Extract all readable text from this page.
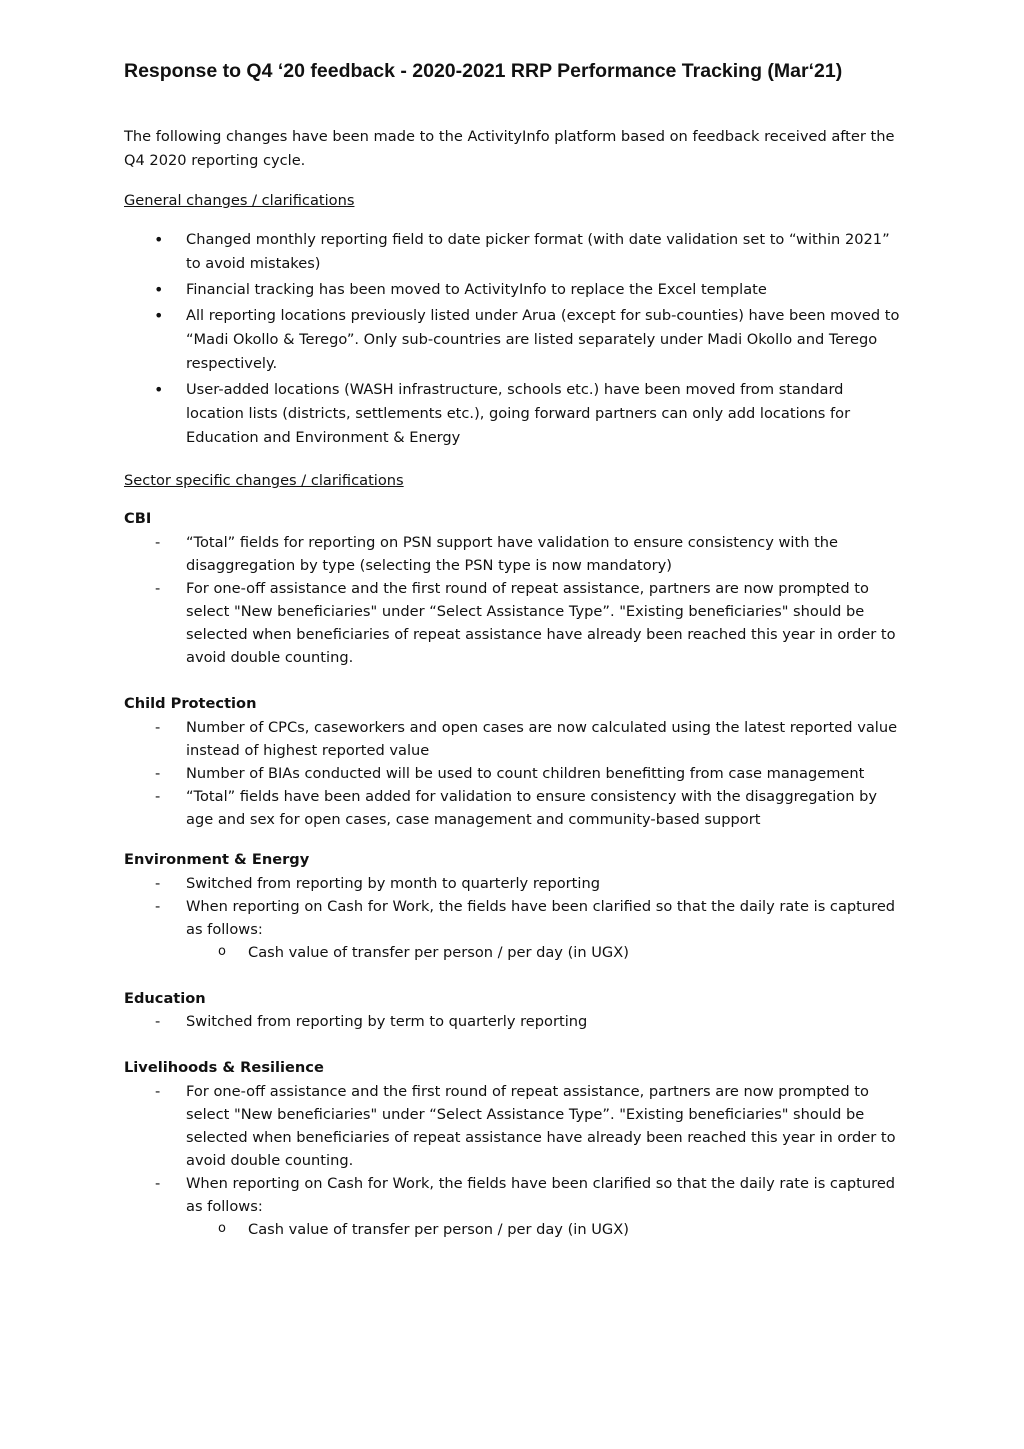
Response to Q4 ‘20 feedback - 2020-2021 RRP Performance Tracking (Mar‘21)
The following changes have been made to the ActivityInfo platform based on feedback received after the Q4 2020 reporting cycle.
General changes / clarifications
• Changed monthly reporting field to date picker format (with date validation set to “within 2021” to avoid mistakes)
• Financial tracking has been moved to ActivityInfo to replace the Excel template
• All reporting locations previously listed under Arua (except for sub-counties) have been moved to “Madi Okollo & Terego”. Only sub-countries are listed separately under Madi Okollo and Terego respectively.
• User-added locations (WASH infrastructure, schools etc.) have been moved from standard location lists (districts, settlements etc.), going forward partners can only add locations for Education and Environment & Energy
Sector specific changes / clarifications
CBI
- “Total” fields for reporting on PSN support have validation to ensure consistency with the disaggregation by type (selecting the PSN type is now mandatory)
- For one-off assistance and the first round of repeat assistance, partners are now prompted to select "New beneficiaries" under “Select Assistance Type”. "Existing beneficiaries" should be selected when beneficiaries of repeat assistance have already been reached this year in order to avoid double counting.
Child Protection
- Number of CPCs, caseworkers and open cases are now calculated using the latest reported value instead of highest reported value
- Number of BIAs conducted will be used to count children benefitting from case management
- “Total” fields have been added for validation to ensure consistency with the disaggregation by age and sex for open cases, case management and community-based support
Environment & Energy
- Switched from reporting by month to quarterly reporting
- When reporting on Cash for Work, the fields have been clarified so that the daily rate is captured as follows:
o Cash value of transfer per person / per day (in UGX)
Education
- Switched from reporting by term to quarterly reporting
Livelihoods & Resilience
- For one-off assistance and the first round of repeat assistance, partners are now prompted to select "New beneficiaries" under “Select Assistance Type”. "Existing beneficiaries" should be selected when beneficiaries of repeat assistance have already been reached this year in order to avoid double counting.
- When reporting on Cash for Work, the fields have been clarified so that the daily rate is captured as follows:
o Cash value of transfer per person / per day (in UGX)
